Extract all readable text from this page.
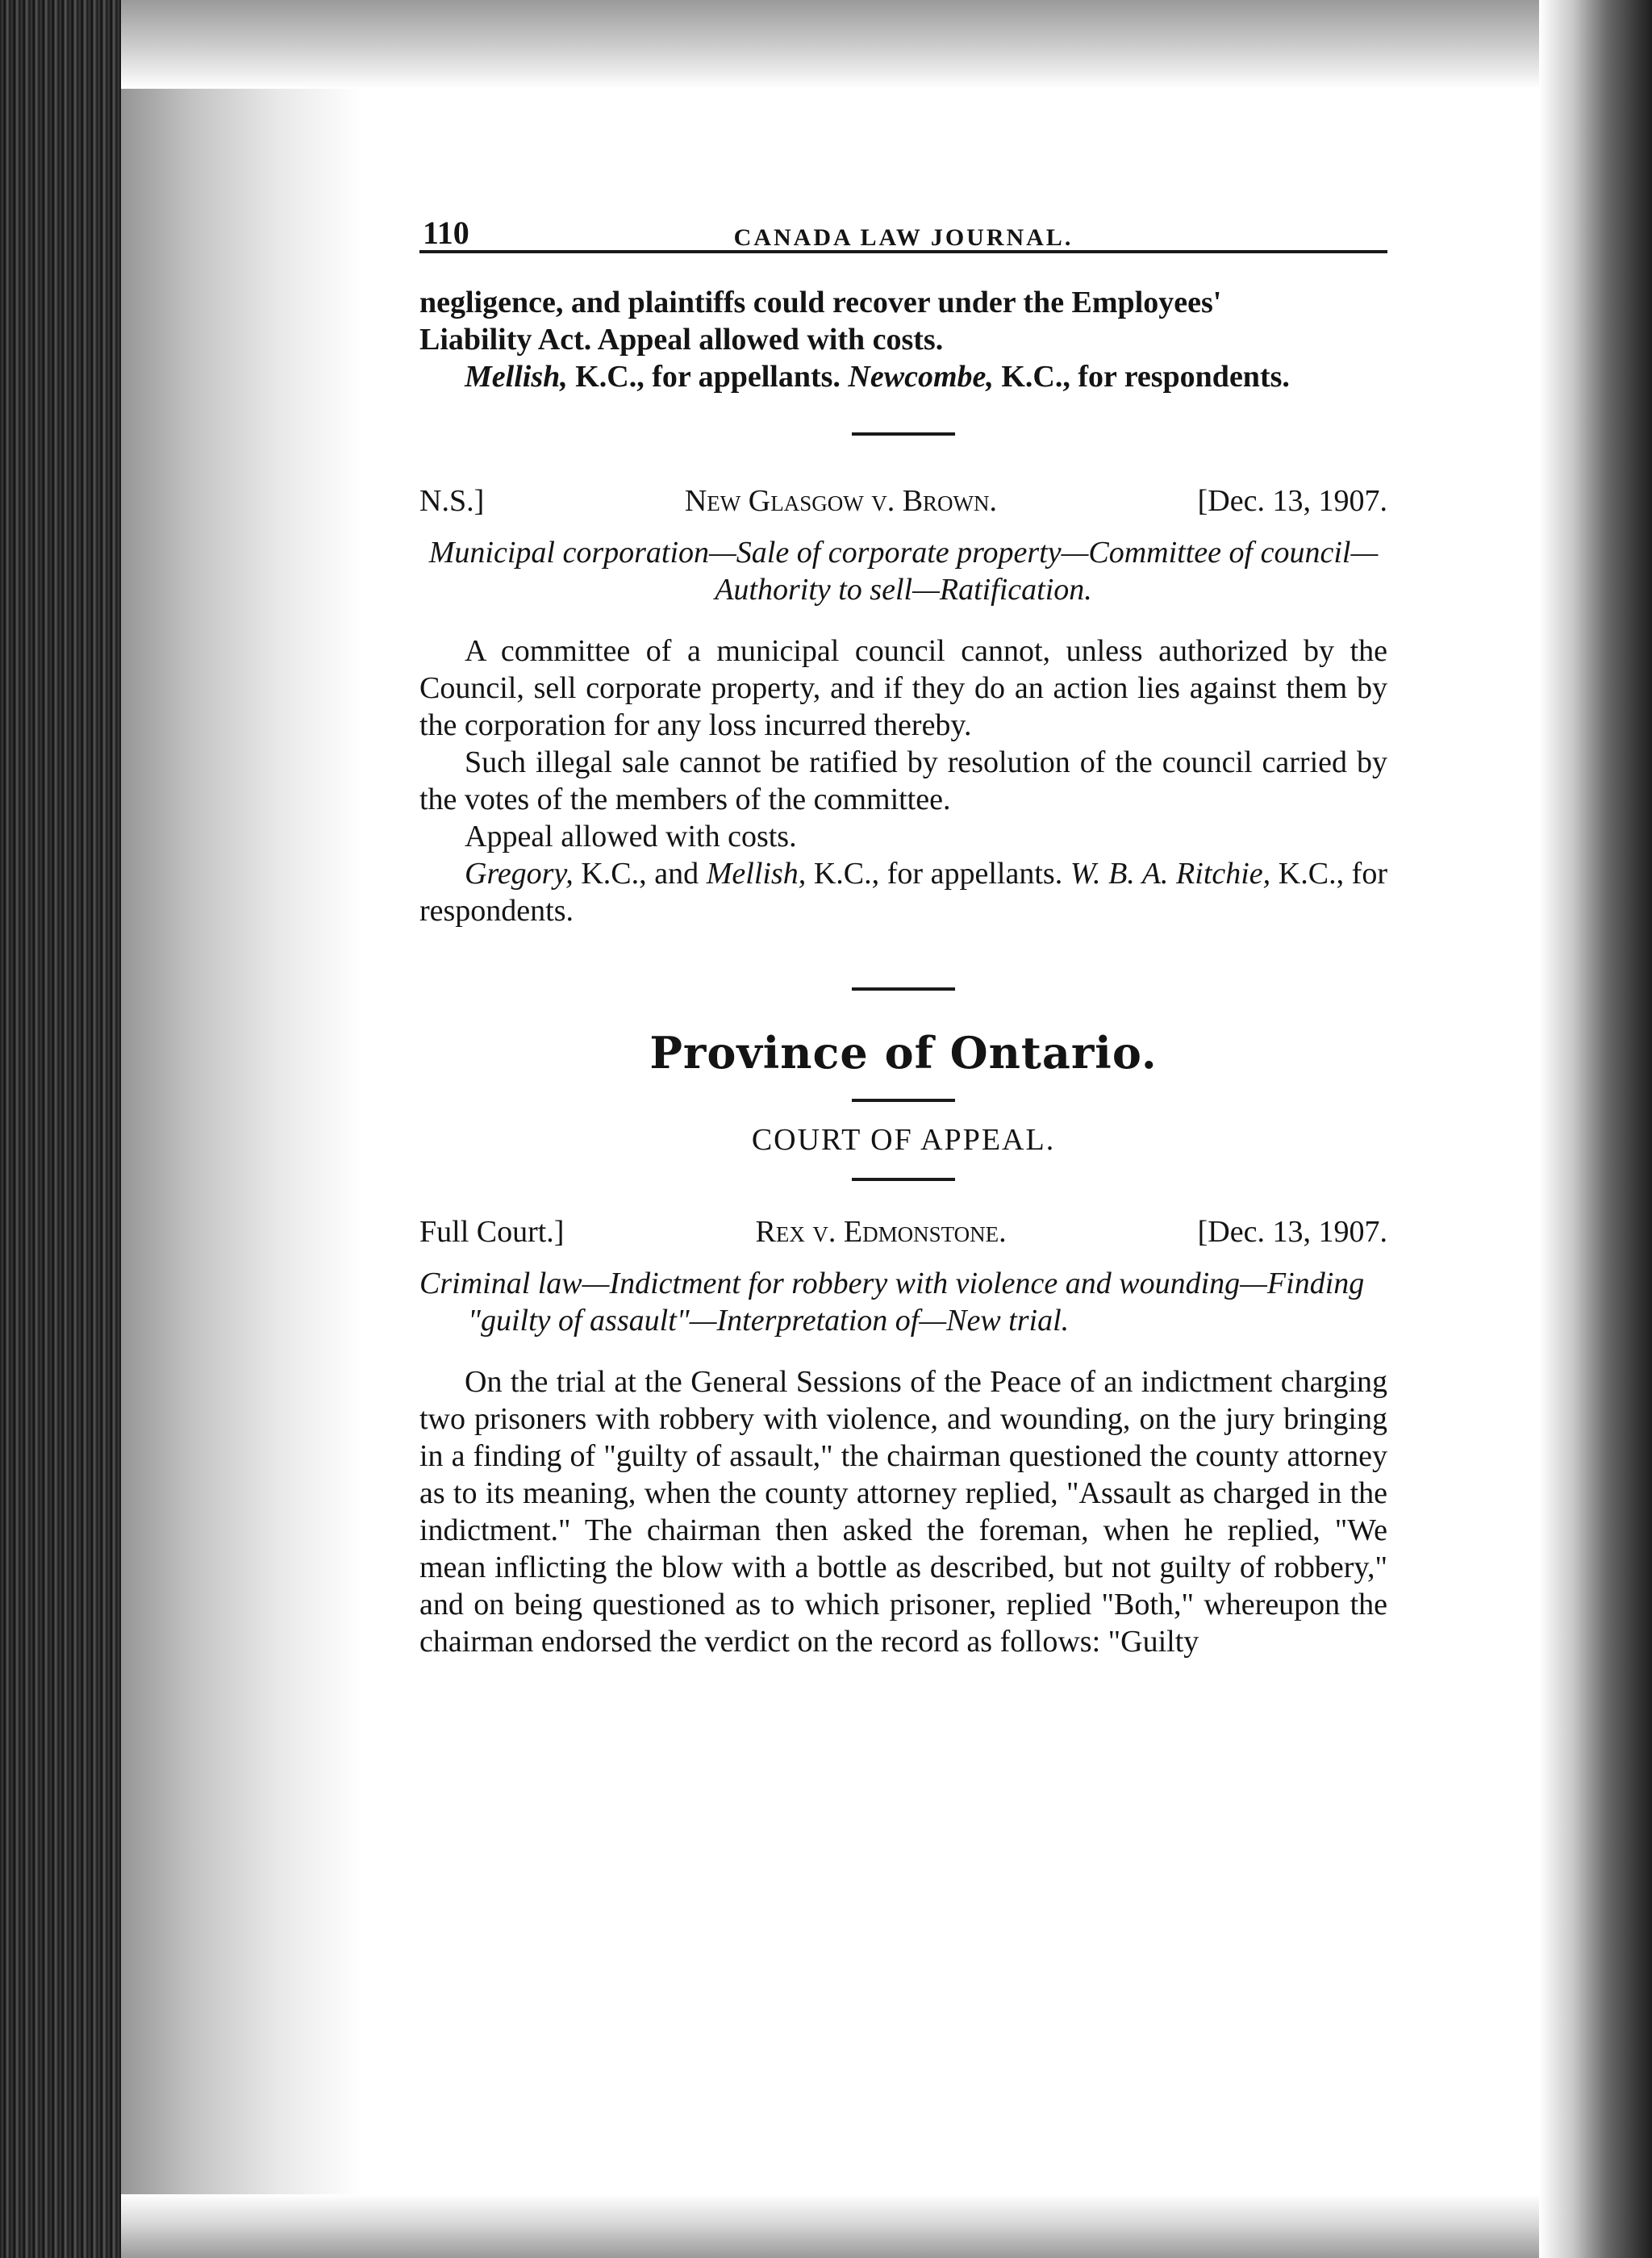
110	CANADA LAW JOURNAL.

negligence, and plaintiffs could recover under the Employees'

Liability Act. Appeal allowed with costs.

Mellish, K.C., for appellants. Newcombe, K.C., for respondents.

N.S.]	New Glasgow v. Brown.	[Dec. 13, 1907.

Municipal corporation—Sale of corporate property—Committee of council—Authority to sell—Ratification.

A committee of a municipal council cannot, unless authorized by the Council, sell corporate property, and if they do an action lies against them by the corporation for any loss incurred thereby.

Such illegal sale cannot be ratified by resolution of the council carried by the votes of the members of the committee.

Appeal allowed with costs.

Gregory, K.C., and Mellish, K.C., for appellants. W. B. A. Ritchie, K.C., for respondents.

Province of Ontario.
COURT OF APPEAL.
Full Court.]	Rex v. Edmonstone.	[Dec. 13, 1907.

Criminal law—Indictment for robbery with violence and wounding—Finding "guilty of assault"—Interpretation of—New trial.

On the trial at the General Sessions of the Peace of an indictment charging two prisoners with robbery with violence, and wounding, on the jury bringing in a finding of "guilty of assault," the chairman questioned the county attorney as to its meaning, when the county attorney replied, "Assault as charged in the indictment." The chairman then asked the foreman, when he replied, "We mean inflicting the blow with a bottle as described, but not guilty of robbery," and on being questioned as to which prisoner, replied "Both," whereupon the chairman endorsed the verdict on the record as follows: "Guilty
